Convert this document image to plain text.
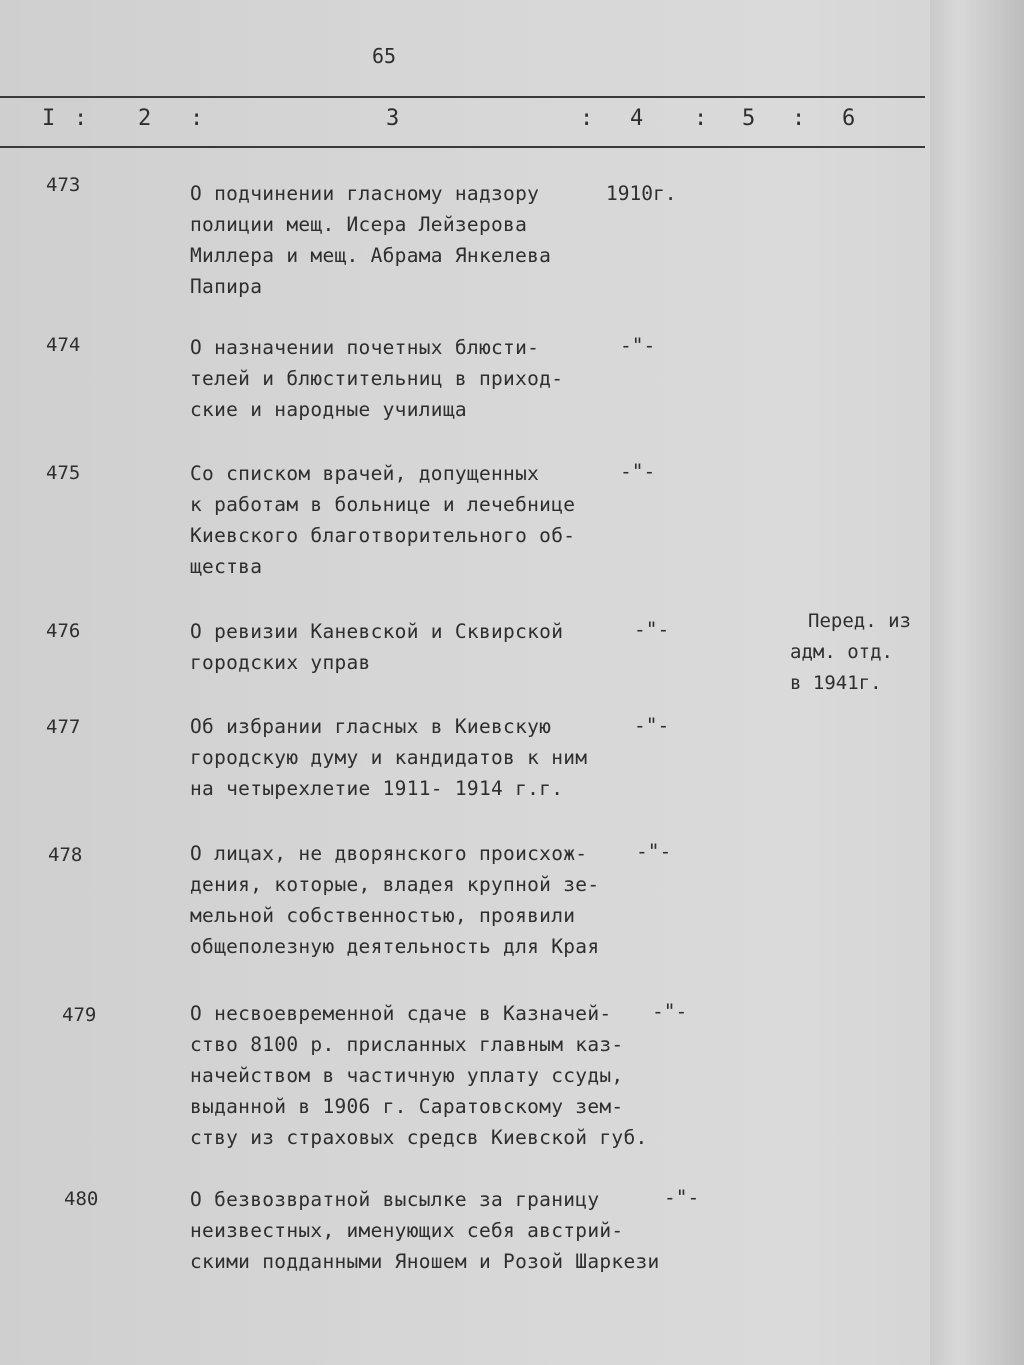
65
I : 2 :	3	: 4 : 5 : 6
473	О подчинении гласному надзору
полиции мещ. Исера Лейзерова
Миллера и мещ. Абрама Янкелева
Папира
1910г.
474	О назначении почетных блюсти-
телей и блюстительниц в приход-
ские и народные училища
-"-
475	Со списком врачей, допущенных
к работам в больнице и лечебнице
Киевского благотворительного об-
щества
-"-
476	О ревизии Каневской и Сквирской
городских управ
-"-	Перед. из
адм. отд.
в 1941г.
477	Об избрании гласных в Киевскую
городскую думу и кандидатов к ним
на четырехлетие 1911- 1914 г.г.
-"-
478	О лицах, не дворянского происхож-
дения, которые, владея крупной зе-
мельной собственностью, проявили
общеполезную деятельность для Края
-"-
479	О несвоевременной сдаче в Казначей-
ство 8100 р. присланных главным каз-
начейством в частичную уплату ссуды,
выданной в 1906 г. Саратовскому зем-
ству из страховых средсв Киевской губ.
-"-
480	О безвозвратной высылке за границу
неизвестных, именующих себя австрий-
скими подданными Яношем и Розой Шаркези
-"-
